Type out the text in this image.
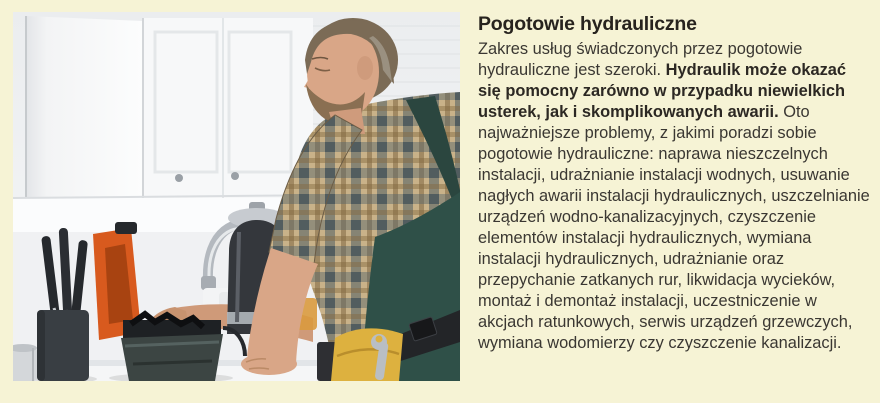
Pogotowie hydrauliczne

Zakres usług świadczonych przez pogotowie hydrauliczne jest szeroki. Hydraulik może okazać się pomocny zarówno w przypadku niewielkich usterek, jak i skomplikowanych awarii. Oto najważniejsze problemy, z jakimi poradzi sobie pogotowie hydrauliczne: naprawa nieszczelnych instalacji, udrażnianie instalacji wodnych, usuwanie nagłych awarii instalacji hydraulicznych, uszczelnianie urządzeń wodno-kanalizacyjnych, czyszczenie elementów instalacji hydraulicznych, wymiana instalacji hydraulicznych, udrażnianie oraz przepychanie zatkanych rur, likwidacja wycieków, montaż i demontaż instalacji, uczestniczenie w akcjach ratunkowych, serwis urządzeń grzewczych, wymiana wodomierzy czy czyszczenie kanalizacji.
